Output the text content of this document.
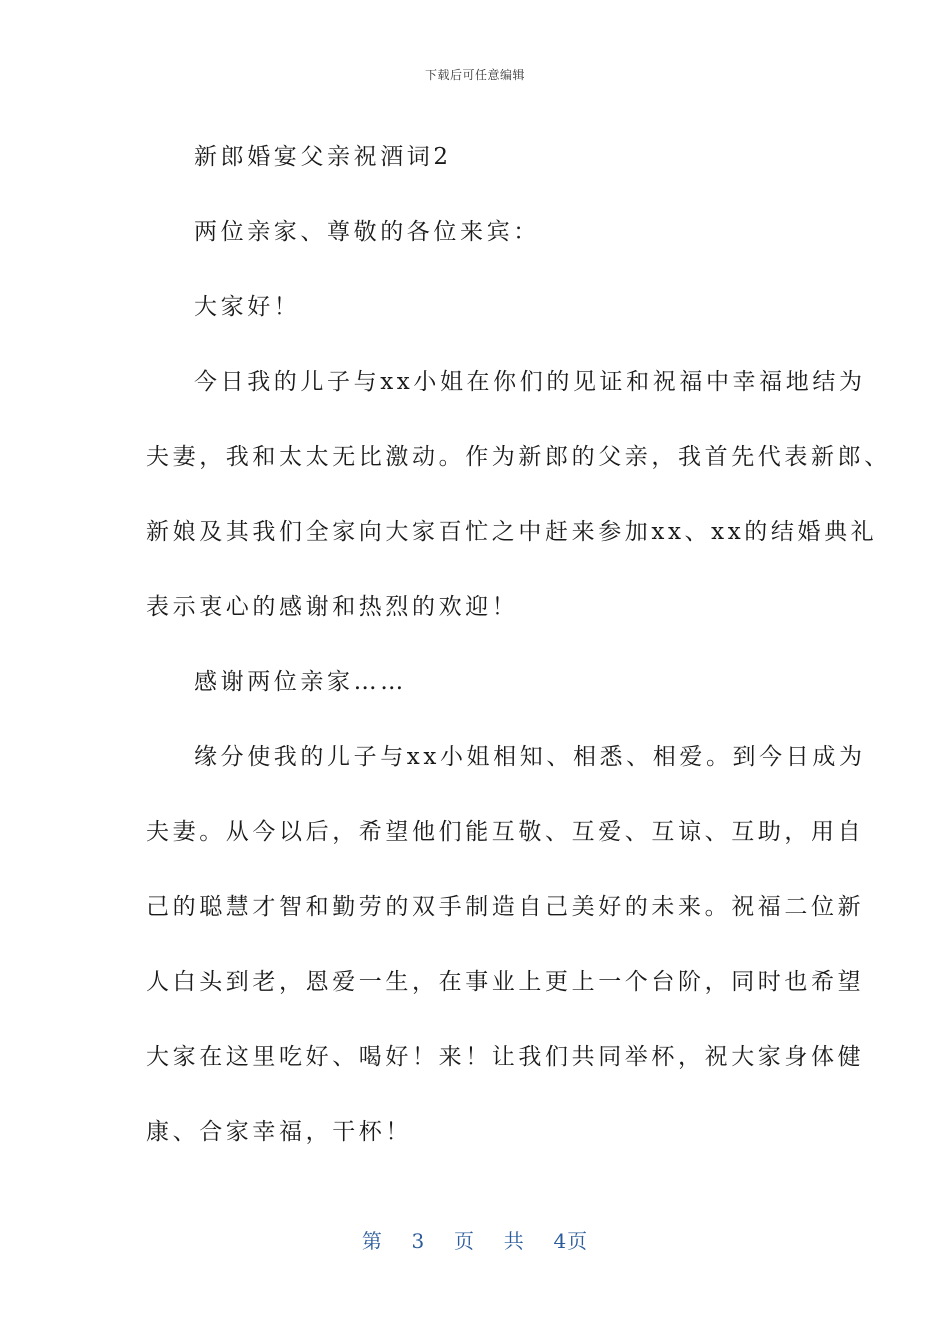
下载后可任意编辑

新郎婚宴父亲祝酒词2

两位亲家、尊敬的各位来宾：

大家好！

今日我的儿子与xx小姐在你们的见证和祝福中幸福地结为

夫妻，我和太太无比激动。作为新郎的父亲，我首先代表新郎、

新娘及其我们全家向大家百忙之中赶来参加xx、xx的结婚典礼

表示衷心的感谢和热烈的欢迎！

感谢两位亲家……

缘分使我的儿子与xx小姐相知、相悉、相爱。到今日成为

夫妻。从今以后，希望他们能互敬、互爱、互谅、互助，用自

己的聪慧才智和勤劳的双手制造自己美好的未来。祝福二位新

人白头到老，恩爱一生，在事业上更上一个台阶，同时也希望

大家在这里吃好、喝好！来！让我们共同举杯，祝大家身体健

康、合家幸福，干杯！

第 3 页 共 4页
